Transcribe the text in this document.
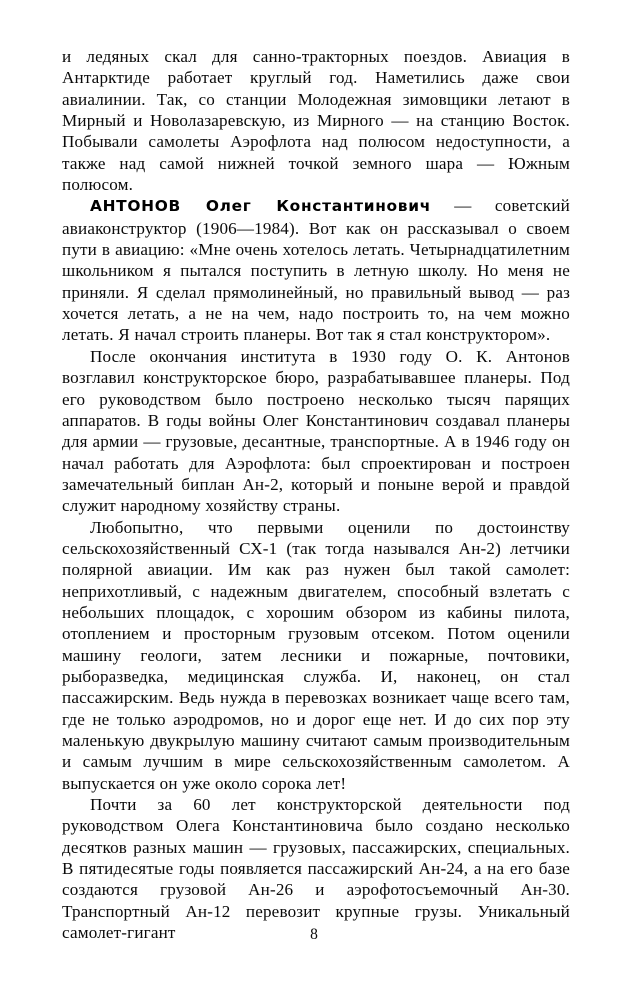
и ледяных скал для санно-тракторных поездов. Авиация в Антарктиде работает круглый год. Наметились даже свои авиалинии. Так, со станции Молодежная зимовщики летают в Мирный и Новолазаревскую, из Мирного — на станцию Восток. Побывали самолеты Аэрофлота над полюсом недоступности, а также над самой нижней точкой земного шара — Южным полюсом.

АНТОНОВ Олег Константинович — советский авиаконструктор (1906—1984). Вот как он рассказывал о своем пути в авиацию: «Мне очень хотелось летать. Четырнадцатилетним школьником я пытался поступить в летную школу. Но меня не приняли. Я сделал прямолинейный, но правильный вывод — раз хочется летать, а не на чем, надо построить то, на чем можно летать. Я начал строить планеры. Вот так я стал конструктором».

После окончания института в 1930 году О. К. Антонов возглавил конструкторское бюро, разрабатывавшее планеры. Под его руководством было построено несколько тысяч парящих аппаратов. В годы войны Олег Константинович создавал планеры для армии — грузовые, десантные, транспортные. А в 1946 году он начал работать для Аэрофлота: был спроектирован и построен замечательный биплан Ан-2, который и поныне верой и правдой служит народному хозяйству страны.

Любопытно, что первыми оценили по достоинству сельскохозяйственный СХ-1 (так тогда назывался Ан-2) летчики полярной авиации. Им как раз нужен был такой самолет: неприхотливый, с надежным двигателем, способный взлетать с небольших площадок, с хорошим обзором из кабины пилота, отоплением и просторным грузовым отсеком. Потом оценили машину геологи, затем лесники и пожарные, почтовики, рыборазведка, медицинская служба. И, наконец, он стал пассажирским. Ведь нужда в перевозках возникает чаще всего там, где не только аэродромов, но и дорог еще нет. И до сих пор эту маленькую двукрылую машину считают самым производительным и самым лучшим в мире сельскохозяйственным самолетом. А выпускается он уже около сорока лет!

Почти за 60 лет конструкторской деятельности под руководством Олега Константиновича было создано несколько десятков разных машин — грузовых, пассажирских, специальных. В пятидесятые годы появляется пассажирский Ан-24, а на его базе создаются грузовой Ан-26 и аэрофотосъемочный Ан-30. Транспортный Ан-12 перевозит крупные грузы. Уникальный самолет-гигант	8
